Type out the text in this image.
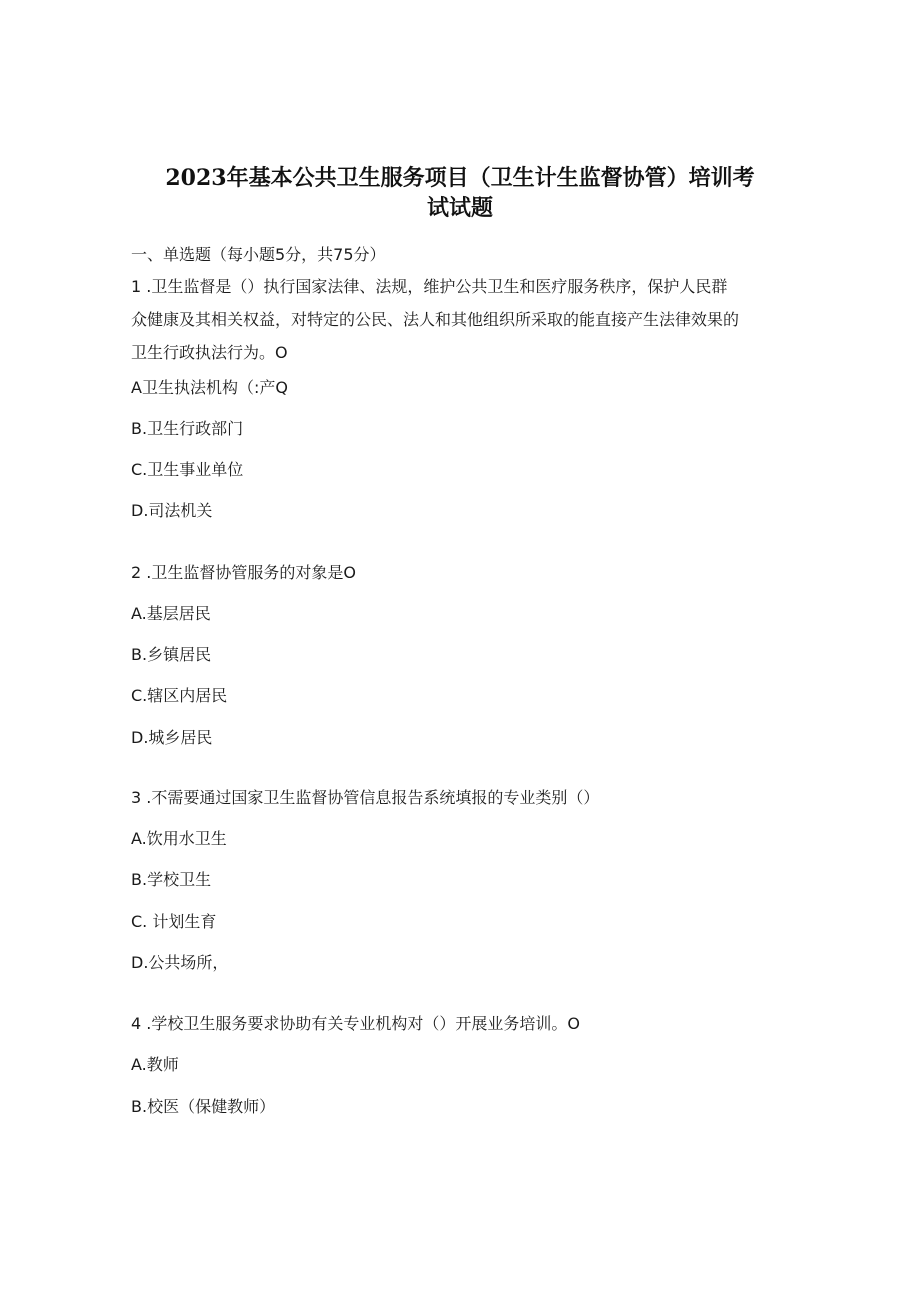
2023年基本公共卫生服务项目（卫生计生监督协管）培训考
试试题
一、单选题（每小题5分，共75分）
1 .卫生监督是（）执行国家法律、法规，维护公共卫生和医疗服务秩序，保护人民群
众健康及其相关权益，对特定的公民、法人和其他组织所采取的能直接产生法律效果的
卫生行政执法行为。O
A卫生执法机构（:产Q
B.卫生行政部门
C.卫生事业单位
D.司法机关
2 .卫生监督协管服务的对象是O
A.基层居民
B.乡镇居民
C.辖区内居民
D.城乡居民
3 .不需要通过国家卫生监督协管信息报告系统填报的专业类别（）
A.饮用水卫生
B.学校卫生
C. 计划生育
D.公共场所，
4 .学校卫生服务要求协助有关专业机构对（）开展业务培训。O
A.教师
B.校医（保健教师）
